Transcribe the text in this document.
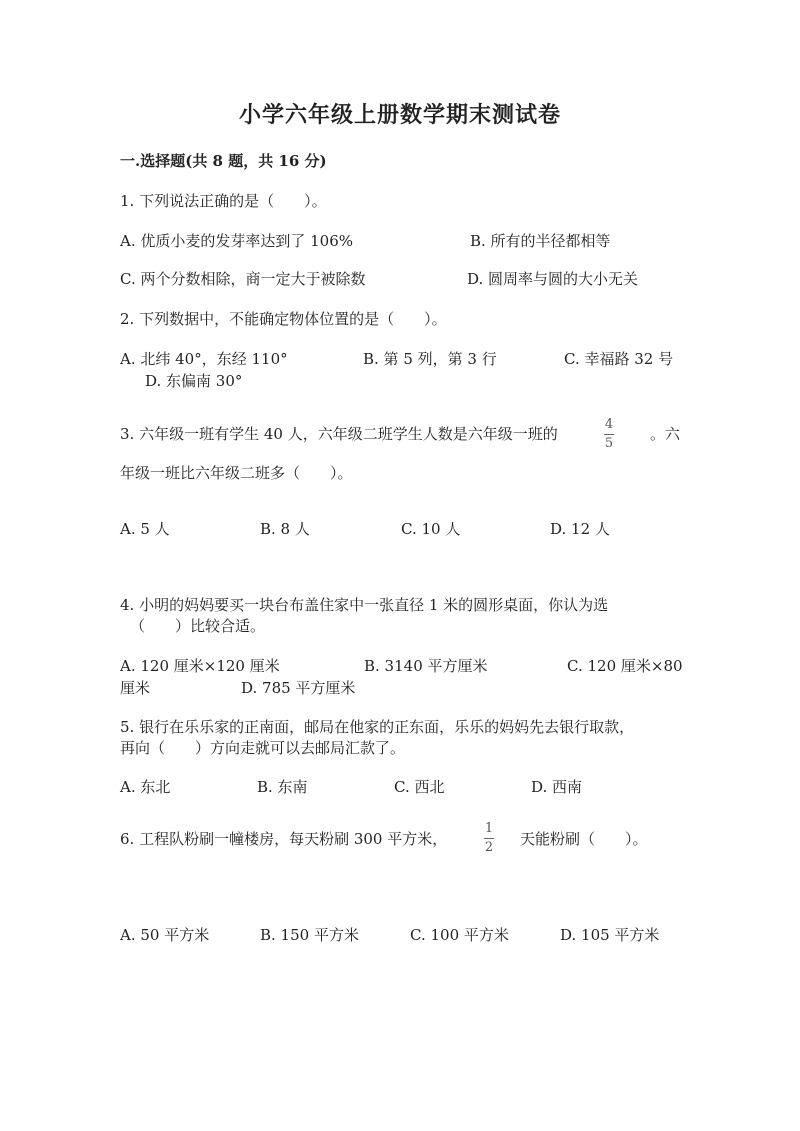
小学六年级上册数学期末测试卷
一.选择题(共 8 题，共 16 分)
1. 下列说法正确的是（　　）。
A. 优质小麦的发芽率达到了 106%	B. 所有的半径都相等
C. 两个分数相除，商一定大于被除数	D. 圆周率与圆的大小无关
2. 下列数据中，不能确定物体位置的是（　　）。
A. 北纬 40°，东经 110°	B. 第 5 列，第 3 行	C. 幸福路 32 号
D. 东偏南 30°
3. 六年级一班有学生 40 人，六年级二班学生人数是六年级一班的
4
5
。六
年级一班比六年级二班多（　　）。
A. 5 人	B. 8 人	C. 10 人	D. 12 人
4. 小明的妈妈要买一块台布盖住家中一张直径 1 米的圆形桌面，你认为选
（　　）比较合适。
A. 120 厘米×120 厘米	B. 3140 平方厘米	C. 120 厘米×80
厘米	D. 785 平方厘米
5. 银行在乐乐家的正南面，邮局在他家的正东面，乐乐的妈妈先去银行取款，
再向（　　）方向走就可以去邮局汇款了。
A. 东北	B. 东南	C. 西北	D. 西南
6. 工程队粉刷一幢楼房，每天粉刷 300 平方米，
1
2 天能粉刷（　　）。
A. 50 平方米	B. 150 平方米	C. 100 平方米	D. 105 平方米
